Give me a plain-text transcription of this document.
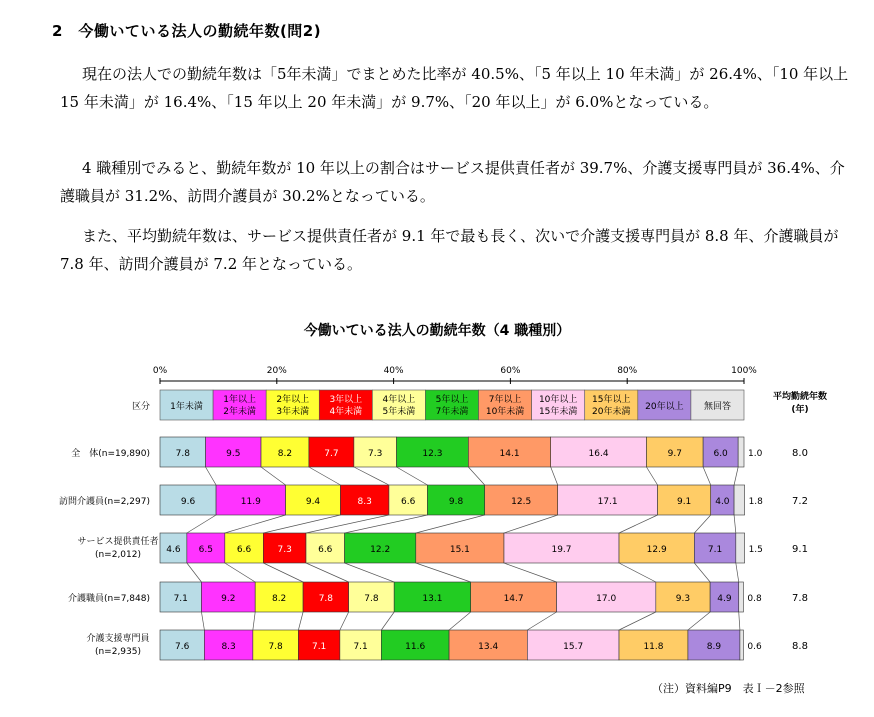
2　今働いている法人の勤続年数(問2)
現在の法人での勤続年数は「5年未満」でまとめた比率が 40.5%、「5 年以上 10 年未満」が 26.4%、「10 年以上 15 年未満」が 16.4%、「15 年以上 20 年未満」が 9.7%、「20 年以上」が 6.0%となっている。
4 職種別でみると、勤続年数が 10 年以上の割合はサービス提供責任者が 39.7%、介護支援専門員が 36.4%、介護職員が 31.2%、訪問介護員が 30.2%となっている。
また、平均勤続年数は、サービス提供責任者が 9.1 年で最も長く、次いで介護支援専門員が 8.8 年、介護職員が 7.8 年、訪問介護員が 7.2 年となっている。
今働いている法人の勤続年数（4 職種別）
0%	20%	40%	60%	80%	100%
区分 1年未満
1年以上
2年未満
2年以上
3年未満
3年以上
4年未満
4年以上
5年未満
5年以上
7年未満
7年以上
10年未満
10年以上
15年未満
15年以上
20年未満 20年以上 無回答
平均勤続年数
(年)
全　体(n=19,890)	7.8	9.5	8.2	7.7	7.3	12.3	14.1	16.4	9.7	6.0 1.0	8.0
訪問介護員(n=2,297)	9.6	11.9	9.4	8.3	6.6	9.8	12.5	17.1	9.1	4.0 1.8	7.2
サービス提供責任者
(n=2,012)	4.6 6.5	6.6	7.3	6.6	12.2	15.1	19.7	12.9	7.1	1.5	9.1
介護職員(n=7,848)	7.1	9.2	8.2	7.8	7.8	13.1	14.7	17.0	9.3	4.9 0.8	7.8
介護支援専門員
(n=2,935)	7.6	8.3	7.8	7.1	7.1	11.6	13.4	15.7	11.8	8.9	0.6	8.8
（注）資料編P9　表Ｉ－2参照
